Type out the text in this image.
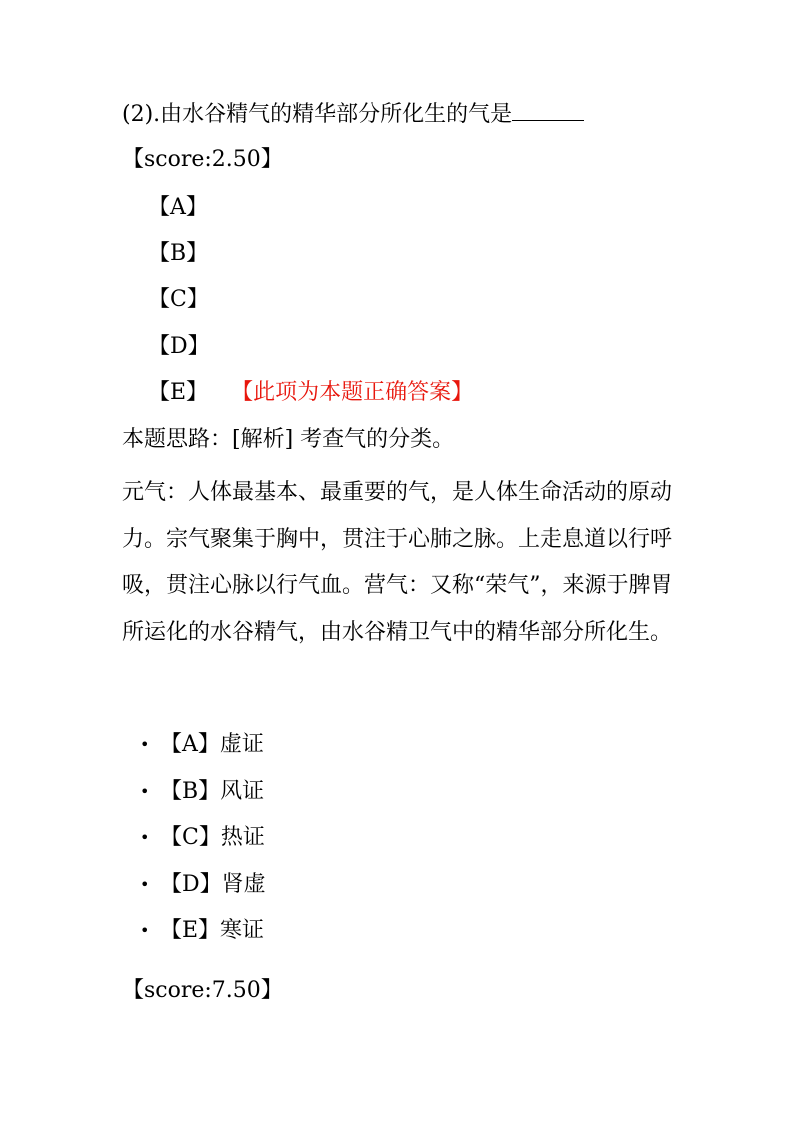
(2).由水谷精气的精华部分所化生的气是
【score:2.50】
【A】
【B】
【C】
【D】
【E】 【此项为本题正确答案】
本题思路：[解析] 考查气的分类。
元气：人体最基本、最重要的气，是人体生命活动的原动力。宗气聚集于胸中，贯注于心肺之脉。上走息道以行呼吸，贯注心脉以行气血。营气：又称“荣气”，来源于脾胃所运化的水谷精气，由水谷精卫气中的精华部分所化生。
• 【A】虚证
• 【B】风证
• 【C】热证
• 【D】肾虚
• 【E】寒证
【score:7.50】
